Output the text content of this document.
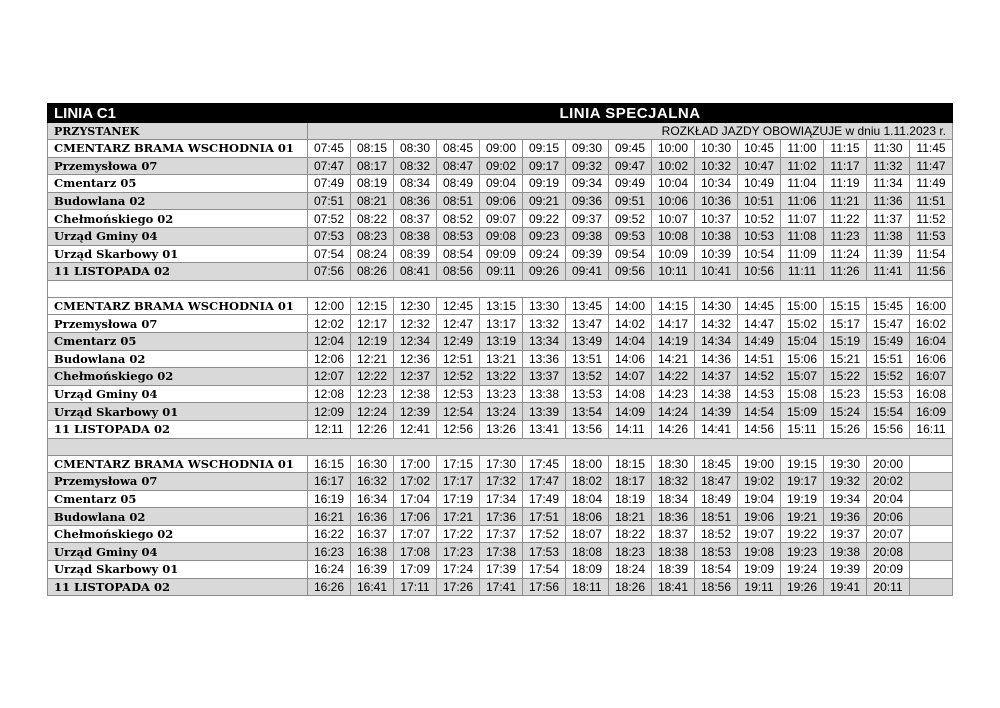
LINIA C1	LINIA SPECJALNA														
PRZYSTANEK	ROZKŁAD JAZDY OBOWIĄZUJE w dniu 1.11.2023 r.														
CMENTARZ BRAMA WSCHODNIA 01	07:45	08:15	08:30	08:45	09:00	09:15	09:30	09:45	10:00	10:30	10:45	11:00	11:15	11:30	11:45
Przemysłowa 07	07:47	08:17	08:32	08:47	09:02	09:17	09:32	09:47	10:02	10:32	10:47	11:02	11:17	11:32	11:47
Cmentarz 05	07:49	08:19	08:34	08:49	09:04	09:19	09:34	09:49	10:04	10:34	10:49	11:04	11:19	11:34	11:49
Budowlana 02	07:51	08:21	08:36	08:51	09:06	09:21	09:36	09:51	10:06	10:36	10:51	11:06	11:21	11:36	11:51
Chełmońskiego 02	07:52	08:22	08:37	08:52	09:07	09:22	09:37	09:52	10:07	10:37	10:52	11:07	11:22	11:37	11:52
Urząd Gminy 04	07:53	08:23	08:38	08:53	09:08	09:23	09:38	09:53	10:08	10:38	10:53	11:08	11:23	11:38	11:53
Urząd Skarbowy 01	07:54	08:24	08:39	08:54	09:09	09:24	09:39	09:54	10:09	10:39	10:54	11:09	11:24	11:39	11:54
11 LISTOPADA 02	07:56	08:26	08:41	08:56	09:11	09:26	09:41	09:56	10:11	10:41	10:56	11:11	11:26	11:41	11:56

CMENTARZ BRAMA WSCHODNIA 01	12:00	12:15	12:30	12:45	13:15	13:30	13:45	14:00	14:15	14:30	14:45	15:00	15:15	15:45	16:00
Przemysłowa 07	12:02	12:17	12:32	12:47	13:17	13:32	13:47	14:02	14:17	14:32	14:47	15:02	15:17	15:47	16:02
Cmentarz 05	12:04	12:19	12:34	12:49	13:19	13:34	13:49	14:04	14:19	14:34	14:49	15:04	15:19	15:49	16:04
Budowlana 02	12:06	12:21	12:36	12:51	13:21	13:36	13:51	14:06	14:21	14:36	14:51	15:06	15:21	15:51	16:06
Chełmońskiego 02	12:07	12:22	12:37	12:52	13:22	13:37	13:52	14:07	14:22	14:37	14:52	15:07	15:22	15:52	16:07
Urząd Gminy 04	12:08	12:23	12:38	12:53	13:23	13:38	13:53	14:08	14:23	14:38	14:53	15:08	15:23	15:53	16:08
Urząd Skarbowy 01	12:09	12:24	12:39	12:54	13:24	13:39	13:54	14:09	14:24	14:39	14:54	15:09	15:24	15:54	16:09
11 LISTOPADA 02	12:11	12:26	12:41	12:56	13:26	13:41	13:56	14:11	14:26	14:41	14:56	15:11	15:26	15:56	16:11

CMENTARZ BRAMA WSCHODNIA 01	16:15	16:30	17:00	17:15	17:30	17:45	18:00	18:15	18:30	18:45	19:00	19:15	19:30	20:00	
Przemysłowa 07	16:17	16:32	17:02	17:17	17:32	17:47	18:02	18:17	18:32	18:47	19:02	19:17	19:32	20:02	
Cmentarz 05	16:19	16:34	17:04	17:19	17:34	17:49	18:04	18:19	18:34	18:49	19:04	19:19	19:34	20:04	
Budowlana 02	16:21	16:36	17:06	17:21	17:36	17:51	18:06	18:21	18:36	18:51	19:06	19:21	19:36	20:06	
Chełmońskiego 02	16:22	16:37	17:07	17:22	17:37	17:52	18:07	18:22	18:37	18:52	19:07	19:22	19:37	20:07	
Urząd Gminy 04	16:23	16:38	17:08	17:23	17:38	17:53	18:08	18:23	18:38	18:53	19:08	19:23	19:38	20:08	
Urząd Skarbowy 01	16:24	16:39	17:09	17:24	17:39	17:54	18:09	18:24	18:39	18:54	19:09	19:24	19:39	20:09	
11 LISTOPADA 02	16:26	16:41	17:11	17:26	17:41	17:56	18:11	18:26	18:41	18:56	19:11	19:26	19:41	20:11	
